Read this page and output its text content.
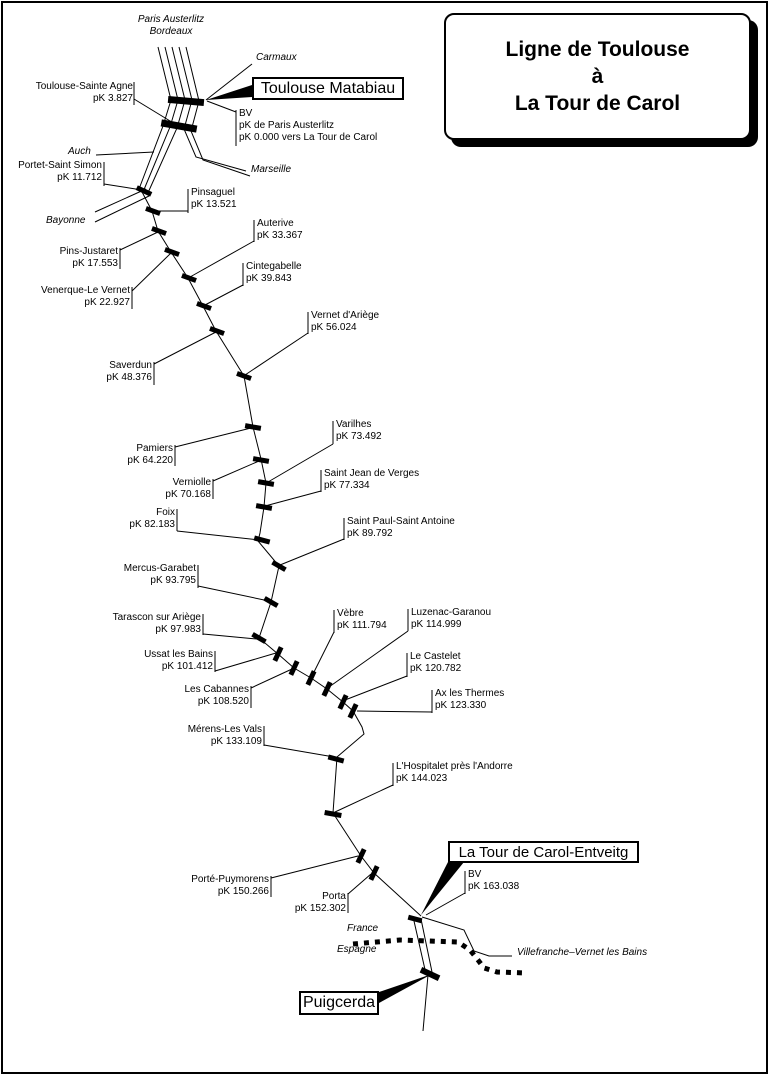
Toulouse-Sainte Agne
pK 3.827
BV
pK de Paris Austerlitz
pK 0.000 vers La Tour de Carol
Portet-Saint Simon
pK 11.712
Pinsaguel
pK 13.521
Pins-Justaret
pK 17.553
Venerque-Le Vernet
pK 22.927
Auterive
pK 33.367
Cintegabelle
pK 39.843
Saverdun
pK 48.376
Vernet d'Ariège
pK 56.024
Pamiers
pK 64.220
Verniolle
pK 70.168
Varilhes
pK 73.492
Saint Jean de Verges
pK 77.334
Foix
pK 82.183	Saint Paul-Saint Antoine
pK 89.792
Mercus-Garabet
pK 93.795
Tarascon sur Ariège
pK 97.983
Ussat les Bains
pK 101.412
Les Cabannes
pK 108.520
Vèbre
pK 111.794
Luzenac-Garanou
pK 114.999
Le Castelet
pK 120.782
Ax les Thermes
pK 123.330
Mérens-Les Vals
pK 133.109
L'Hospitalet près l'Andorre
pK 144.023
Porté-Puymorens
pK 150.266	Porta
pK 152.302
BV
pK 163.038
Paris Austerlitz
Bordeaux
Carmaux
Auch
Marseille
Bayonne
France
Espagne	Villefranche–Vernet les Bains
Toulouse Matabiau
La Tour de Carol-Entveitg
Puigcerda
Ligne de Toulouse
à
La Tour de Carol
